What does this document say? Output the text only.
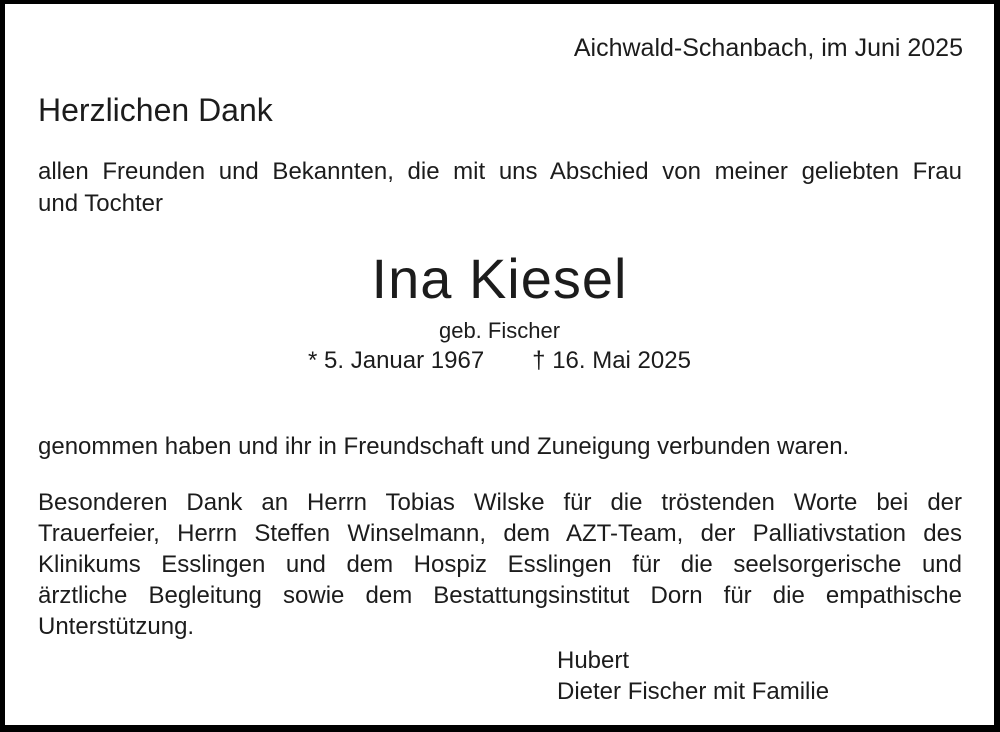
Aichwald-Schanbach, im Juni 2025
Herzlichen Dank
allen Freunden und Bekannten, die mit uns Abschied von meiner geliebten Frau
und Tochter
Ina Kiesel
geb. Fischer
* 5. Januar 1967 † 16. Mai 2025
genommen haben und ihr in Freundschaft und Zuneigung verbunden waren.
Besonderen Dank an Herrn Tobias Wilske für die tröstenden Worte bei der
Trauerfeier, Herrn Steffen Winselmann, dem AZT-Team, der Palliativstation des
Klinikums Esslingen und dem Hospiz Esslingen für die seelsorgerische und
ärztliche Begleitung sowie dem Bestattungsinstitut Dorn für die empathische
Unterstützung.
Hubert
Dieter Fischer mit Familie
